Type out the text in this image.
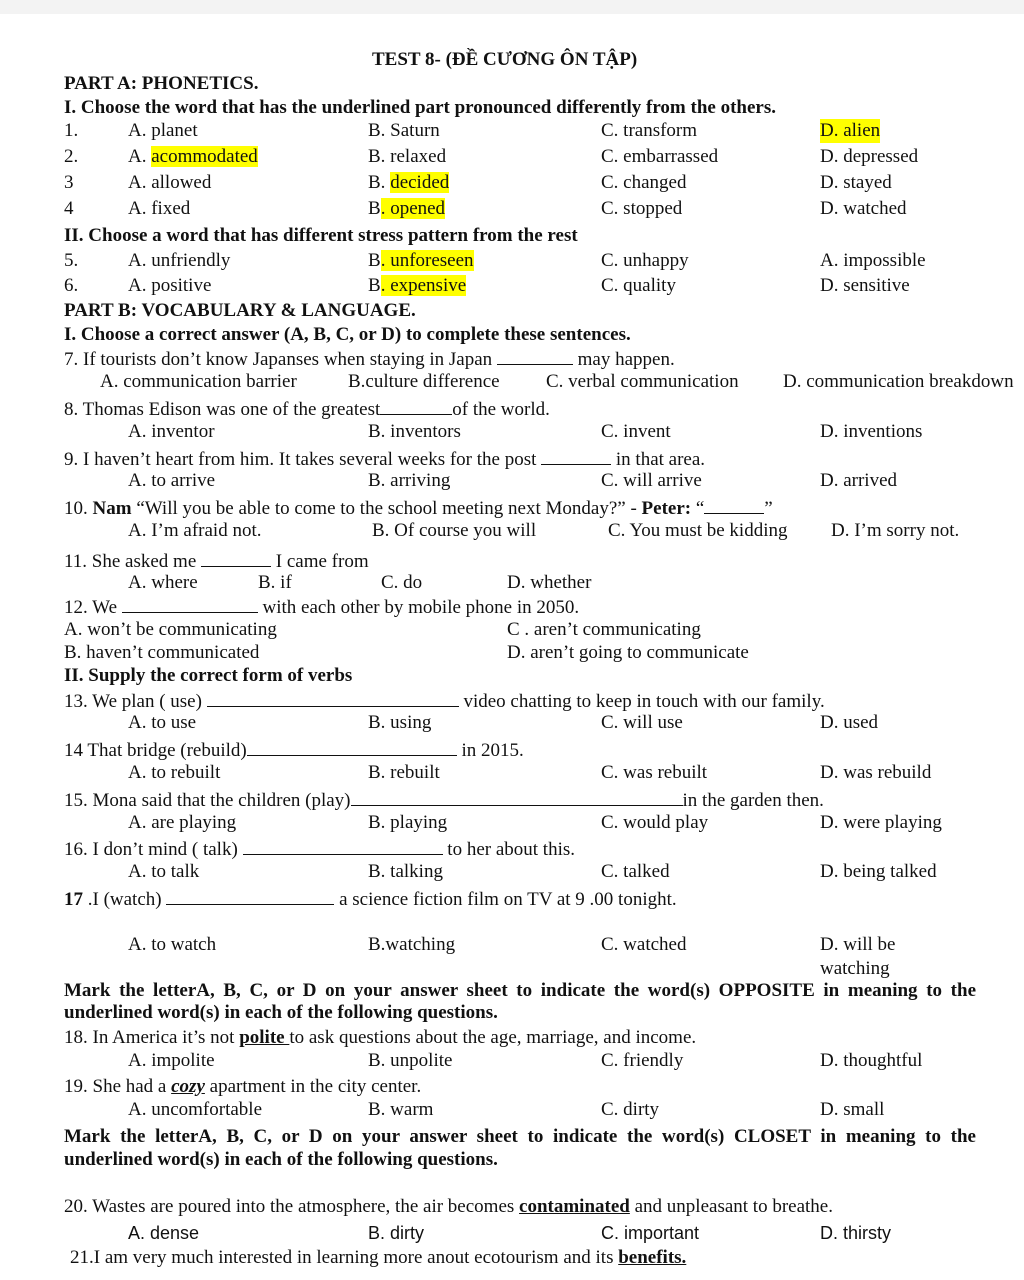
TEST 8- (ĐỀ CƯƠNG ÔN TẬP)
PART A: PHONETICS.
I. Choose the word that has the underlined part pronounced differently from the others.
1.	A. planet	B. Saturn	C. transform	D. alien
2.	A. acommodated	B. relaxed	C. embarrassed	D. depressed
3	A. allowed	B. decided	C. changed	D. stayed
4	A. fixed	B. opened	C. stopped	D. watched
II. Choose a word that has different stress pattern from the rest
5.	A. unfriendly	B. unforeseen	C. unhappy	A. impossible
6.	A. positive	B. expensive	C. quality	D. sensitive
PART B: VOCABULARY & LANGUAGE.
I. Choose a correct answer (A, B, C, or D) to complete these sentences.
7. If tourists don’t know Japanses when staying in Japan	may happen.
A. communication barrier	B.culture difference C. verbal communication D. communication breakdown
8. Thomas Edison was one of the greatest	of the world.
A. inventor	B. inventors	C. invent	D. inventions
9. I haven’t heart from him. It takes several weeks for the post	in that area.
A. to arrive	B. arriving	C. will arrive	D. arrived
10. Nam “Will you be able to come to the school meeting next Monday?” - Peter: “	”
A. I’m afraid not.	B. Of course you will	C. You must be kidding D. I’m sorry not.
11. She asked me	I came from
A. where	B. if	C. do	D. whether
12. We	with each other by mobile phone in 2050.
A. won’t be communicating	C . aren’t communicating
B. haven’t communicated	D. aren’t going to communicate
II. Supply the correct form of verbs
13. We plan ( use)	video chatting to keep in touch with our family.
A. to use	B. using	C. will use	D. used
14 That bridge (rebuild)	in 2015.
A. to rebuilt	B. rebuilt	C. was rebuilt	D. was rebuild
15. Mona said that the children (play)	in the garden then.
A. are playing	B. playing	C. would play	D. were playing
16. I don’t mind ( talk)	to her about this.
A. to talk	B. talking	C. talked	D. being talked
17 .I (watch)	a science fiction film on TV at 9 .00 tonight.
A. to watch	B.watching	C. watched	D. will be
watching
Mark the letterA, B, C, or D on your answer sheet to indicate the word(s) OPPOSITE in meaning to the underlined word(s) in each of the following questions.
18. In America it’s not polite to ask questions about the age, marriage, and income.
A. impolite	B. unpolite	C. friendly	D. thoughtful
19. She had a cozy apartment in the city center.
A. uncomfortable	B. warm	C. dirty	D. small
Mark the letterA, B, C, or D on your answer sheet to indicate the word(s) CLOSET in meaning to the underlined word(s) in each of the following questions.
20. Wastes are poured into the atmosphere, the air becomes contaminated and unpleasant to breathe.
A. dense	B. dirty	C. important	D. thirsty
21.I am very much interested in learning more anout ecotourism and its benefits.
